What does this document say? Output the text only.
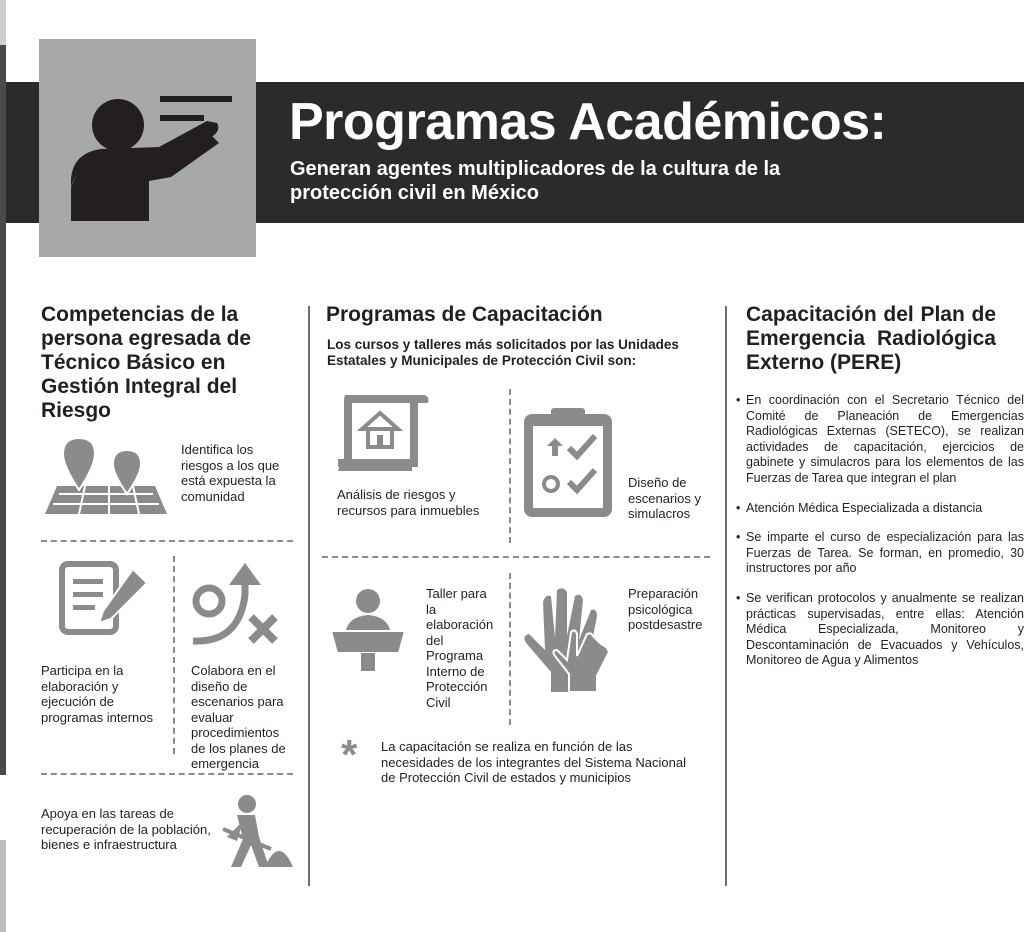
Programas Académicos:
Generan agentes multiplicadores de la cultura de la protección civil en México
Competencias de la persona egresada de Técnico Básico en Gestión Integral del Riesgo
Identifica los riesgos a los que está expuesta la comunidad
Participa en la elaboración y ejecución de programas internos
Colabora en el diseño de escenarios para evaluar procedimientos de los planes de emergencia
Apoya en las tareas de recuperación de la población, bienes e infraestructura
Programas de Capacitación
Los cursos y talleres más solicitados por las Unidades Estatales y Municipales de Protección Civil son:
Análisis de riesgos y recursos para inmuebles
Diseño de escenarios y simulacros
Taller para la elaboración del Programa Interno de Protección Civil
Preparación psicológica postdesastre
* La capacitación se realiza en función de las necesidades de los integrantes del Sistema Nacional de Protección Civil de estados y municipios
Capacitación del Plan de Emergencia Radiológica Externo (PERE)
• En coordinación con el Secretario Técnico del Comité de Planeación de Emergencias Radiológicas Externas (SETECO), se realizan actividades de capacitación, ejercicios de gabinete y simulacros para los elementos de las Fuerzas de Tarea que integran el plan
• Atención Médica Especializada a distancia
• Se imparte el curso de especialización para las Fuerzas de Tarea. Se forman, en promedio, 30 instructores por año
• Se verifican protocolos y anualmente se realizan prácticas supervisadas, entre ellas: Atención Médica Especializada, Monitoreo y Descontaminación de Evacuados y Vehículos, Monitoreo de Agua y Alimentos
